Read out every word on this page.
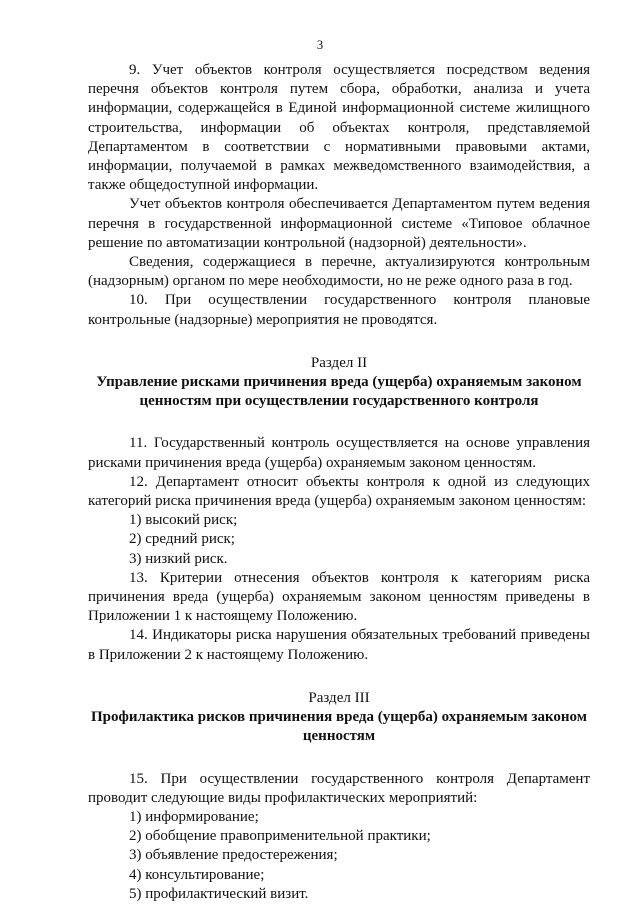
3

9. Учет объектов контроля осуществляется посредством ведения перечня объектов контроля путем сбора, обработки, анализа и учета информации, содержащейся в Единой информационной системе жилищного строительства, информации об объектах контроля, представляемой Департаментом в соответствии с нормативными правовыми актами, информации, получаемой в рамках межведомственного взаимодействия, а также общедоступной информации.

Учет объектов контроля обеспечивается Департаментом путем ведения перечня в государственной информационной системе «Типовое облачное решение по автоматизации контрольной (надзорной) деятельности».

Сведения, содержащиеся в перечне, актуализируются контрольным (надзорным) органом по мере необходимости, но не реже одного раза в год.

10. При осуществлении государственного контроля плановые контрольные (надзорные) мероприятия не проводятся.

Раздел II

Управление рисками причинения вреда (ущерба) охраняемым законом ценностям при осуществлении государственного контроля

11. Государственный контроль осуществляется на основе управления рисками причинения вреда (ущерба) охраняемым законом ценностям.

12. Департамент относит объекты контроля к одной из следующих категорий риска причинения вреда (ущерба) охраняемым законом ценностям:

1) высокий риск;

2) средний риск;

3) низкий риск.

13. Критерии отнесения объектов контроля к категориям риска причинения вреда (ущерба) охраняемым законом ценностям приведены в Приложении 1 к настоящему Положению.

14. Индикаторы риска нарушения обязательных требований приведены в Приложении 2 к настоящему Положению.

Раздел III

Профилактика рисков причинения вреда (ущерба) охраняемым законом ценностям

15. При осуществлении государственного контроля Департамент проводит следующие виды профилактических мероприятий:

1) информирование;

2) обобщение правоприменительной практики;

3) объявление предостережения;

4) консультирование;

5) профилактический визит.
